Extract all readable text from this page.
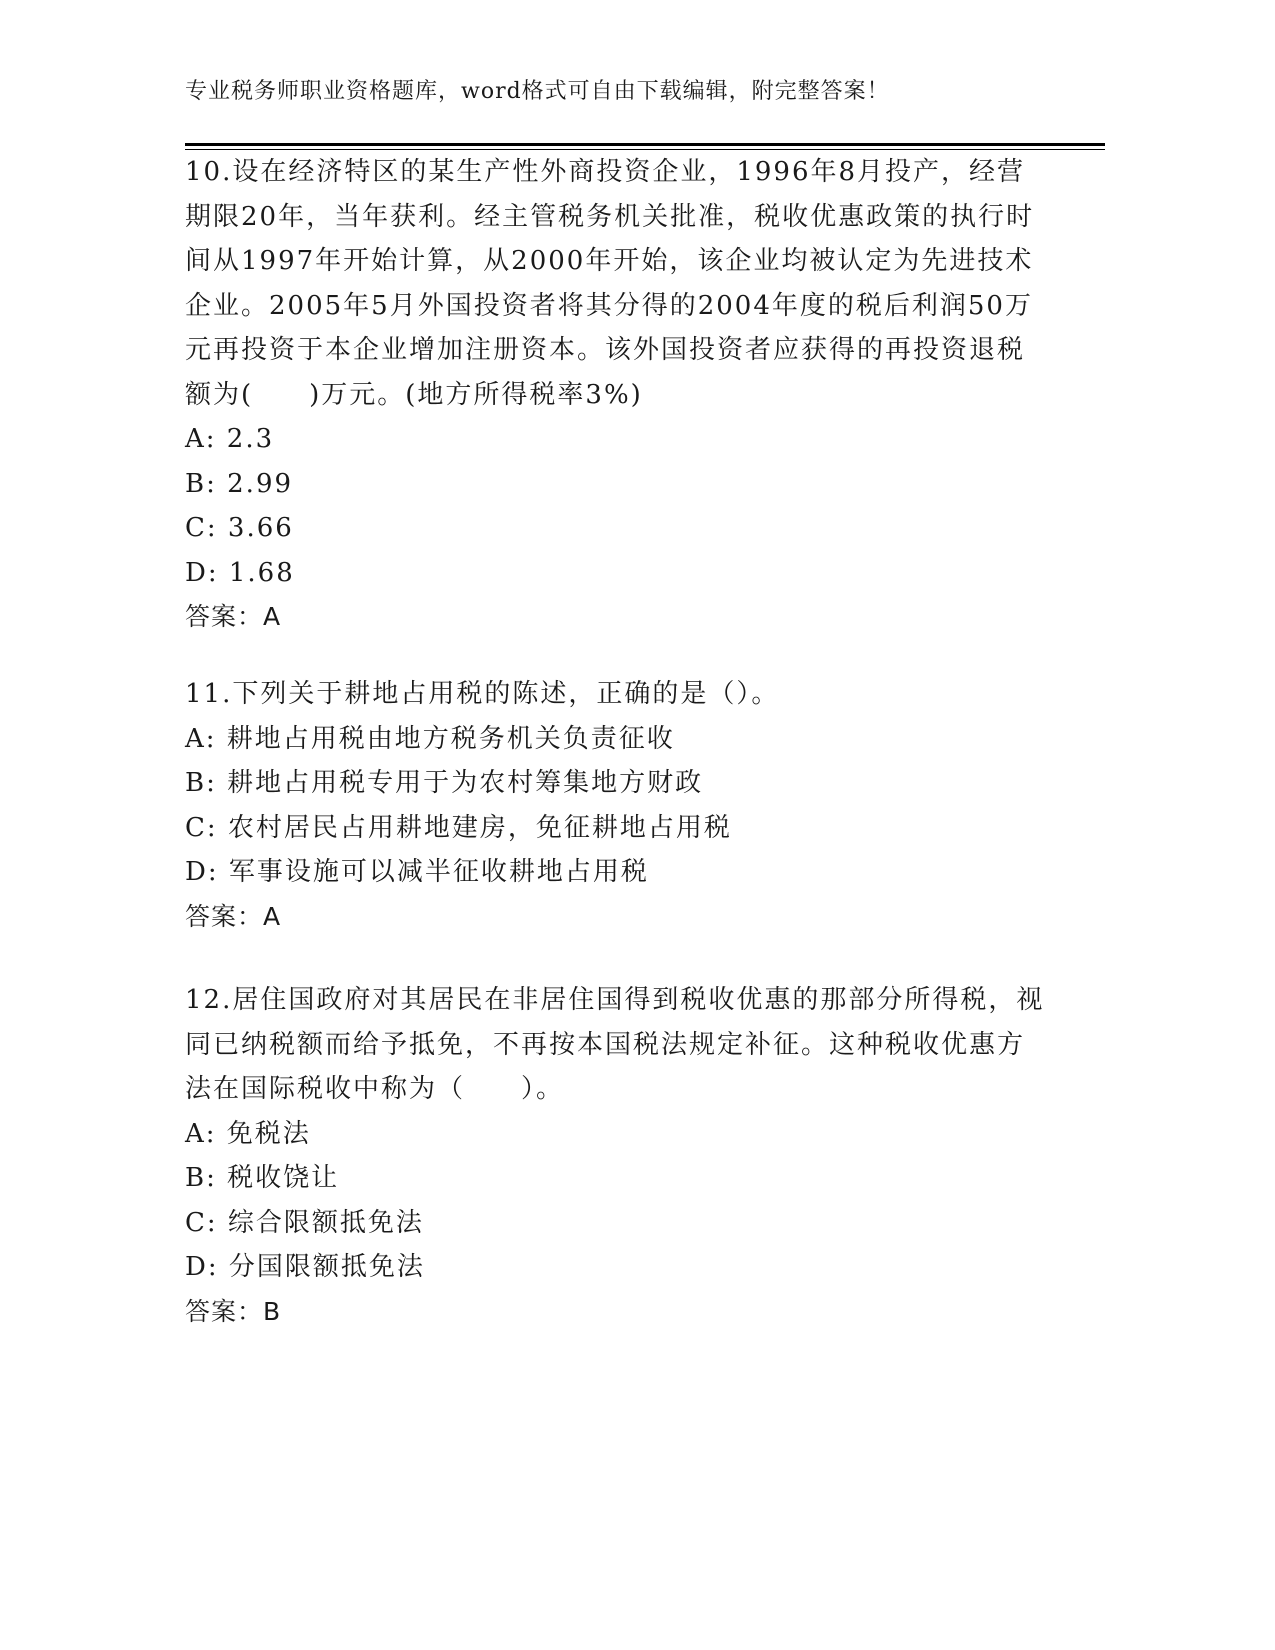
专业税务师职业资格题库，word格式可自由下载编辑，附完整答案！

10.设在经济特区的某生产性外商投资企业，1996年8月投产，经营期限20年，当年获利。经主管税务机关批准，税收优惠政策的执行时间从1997年开始计算，从2000年开始，该企业均被认定为先进技术企业。2005年5月外国投资者将其分得的2004年度的税后利润50万元再投资于本企业增加注册资本。该外国投资者应获得的再投资退税额为(　　)万元。(地方所得税率3%)

A: 2.3

B: 2.99

C: 3.66

D: 1.68

答案：A

11.下列关于耕地占用税的陈述，正确的是（）。

A: 耕地占用税由地方税务机关负责征收

B: 耕地占用税专用于为农村筹集地方财政

C: 农村居民占用耕地建房，免征耕地占用税

D: 军事设施可以减半征收耕地占用税

答案：A

12.居住国政府对其居民在非居住国得到税收优惠的那部分所得税，视同已纳税额而给予抵免，不再按本国税法规定补征。这种税收优惠方法在国际税收中称为（　　）。

A: 免税法

B: 税收饶让

C: 综合限额抵免法

D: 分国限额抵免法

答案：B
